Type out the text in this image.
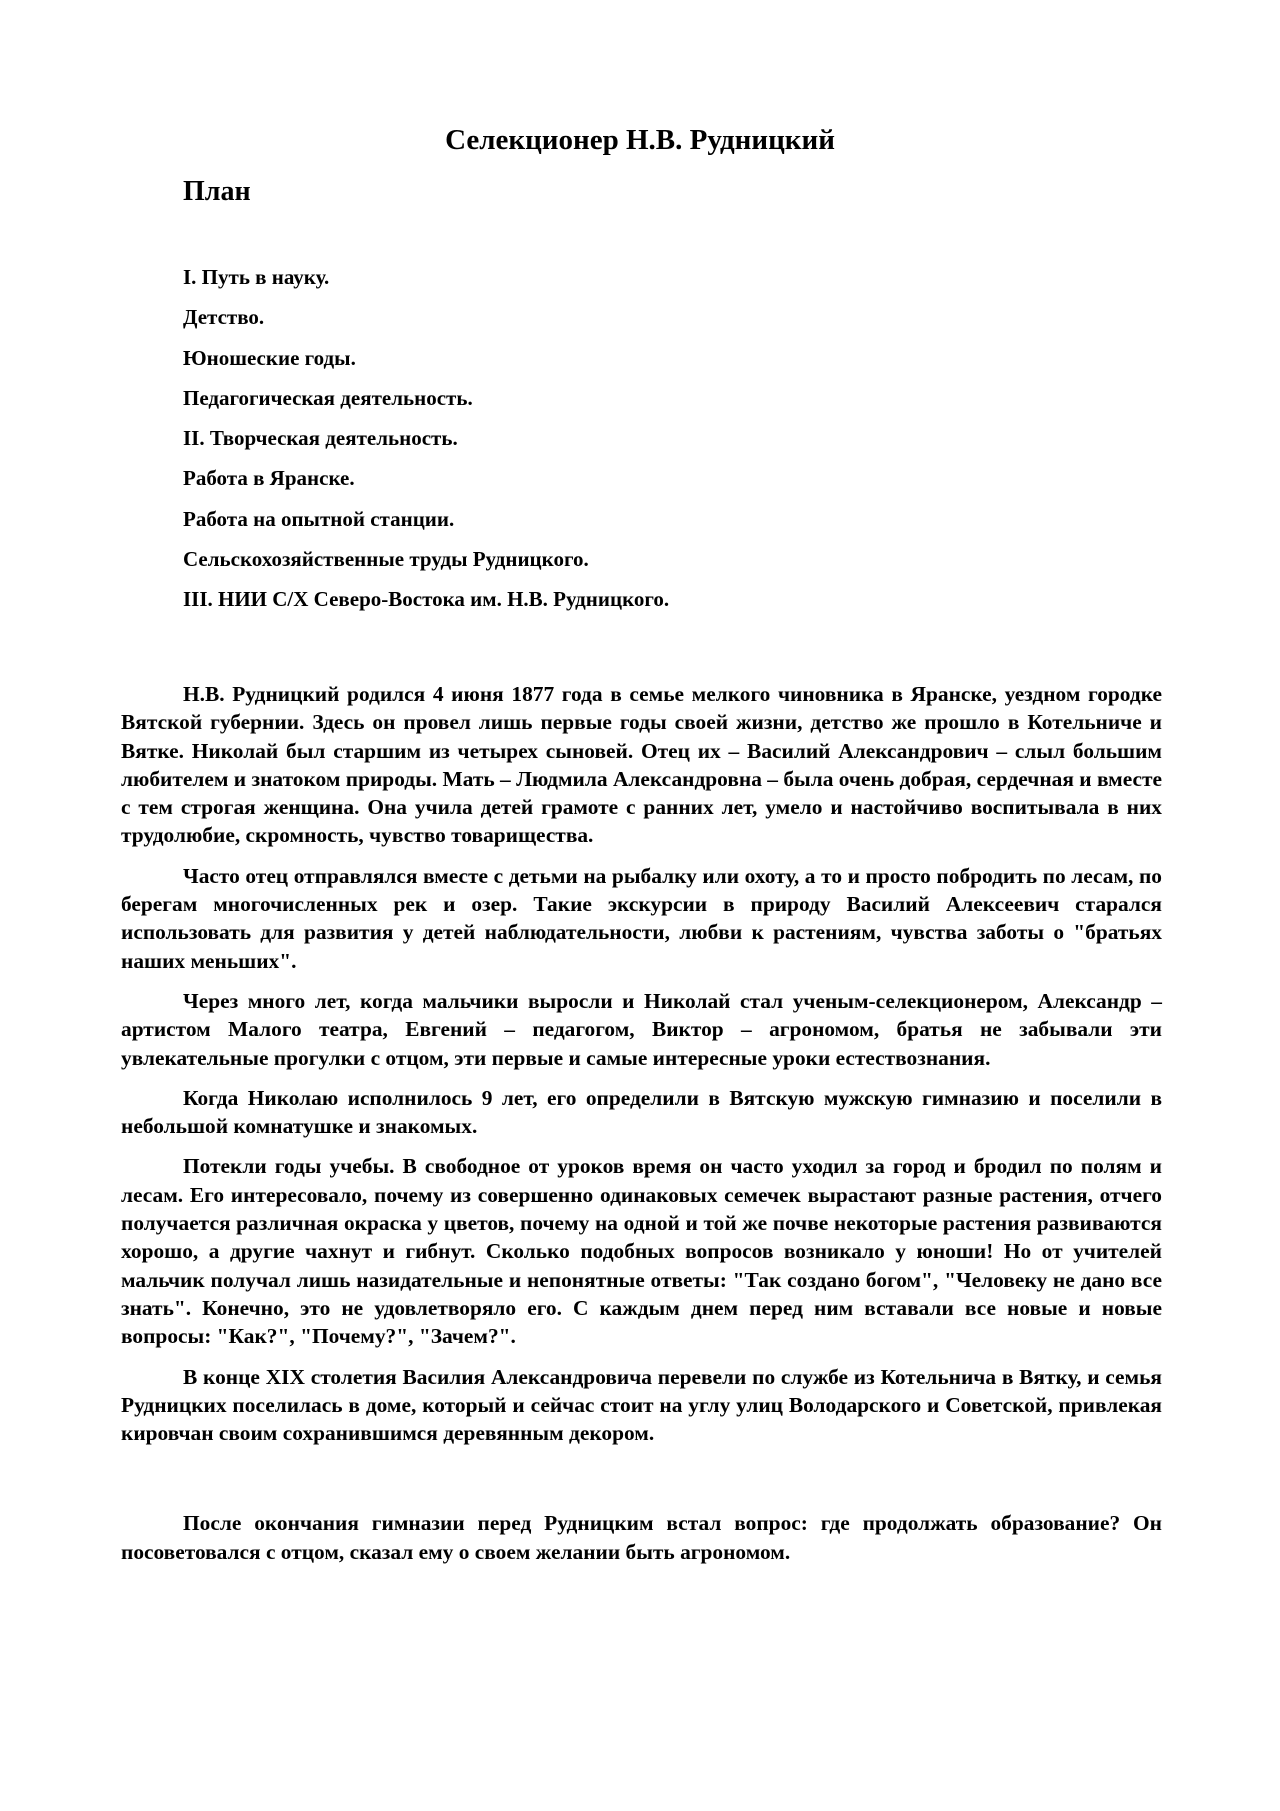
Селекционер Н.В. Рудницкий
План
I. Путь в науку.
Детство.
Юношеские годы.
Педагогическая деятельность.
II. Творческая деятельность.
Работа в Яранске.
Работа на опытной станции.
Сельскохозяйственные труды Рудницкого.
III. НИИ С/Х Северо-Востока им. Н.В. Рудницкого.

Н.В. Рудницкий родился 4 июня 1877 года в семье мелкого чиновника в Яранске, уездном городке Вятской губернии. Здесь он провел лишь первые годы своей жизни, детство же прошло в Котельниче и Вятке. Николай был старшим из четырех сыновей. Отец их – Василий Александрович – слыл большим любителем и знатоком природы. Мать – Людмила Александровна – была очень добрая, сердечная и вместе с тем строгая женщина. Она учила детей грамоте с ранних лет, умело и настойчиво воспитывала в них трудолюбие, скромность, чувство товарищества.

Часто отец отправлялся вместе с детьми на рыбалку или охоту, а то и просто побродить по лесам, по берегам многочисленных рек и озер. Такие экскурсии в природу Василий Алексеевич старался использовать для развития у детей наблюдательности, любви к растениям, чувства заботы о "братьях наших меньших".

Через много лет, когда мальчики выросли и Николай стал ученым-селекционером, Александр – артистом Малого театра, Евгений – педагогом, Виктор – агрономом, братья не забывали эти увлекательные прогулки с отцом, эти первые и самые интересные уроки естествознания.

Когда Николаю исполнилось 9 лет, его определили в Вятскую мужскую гимназию и поселили в небольшой комнатушке и знакомых.

Потекли годы учебы. В свободное от уроков время он часто уходил за город и бродил по полям и лесам. Его интересовало, почему из совершенно одинаковых семечек вырастают разные растения, отчего получается различная окраска у цветов, почему на одной и той же почве некоторые растения развиваются хорошо, а другие чахнут и гибнут. Сколько подобных вопросов возникало у юноши! Но от учителей мальчик получал лишь назидательные и непонятные ответы: "Так создано богом", "Человеку не дано все знать". Конечно, это не удовлетворяло его. С каждым днем перед ним вставали все новые и новые вопросы: "Как?", "Почему?", "Зачем?".

В конце XIX столетия Василия Александровича перевели по службе из Котельнича в Вятку, и семья Рудницких поселилась в доме, который и сейчас стоит на углу улиц Володарского и Советской, привлекая кировчан своим сохранившимся деревянным декором.

После окончания гимназии перед Рудницким встал вопрос: где продолжать образование? Он посоветовался с отцом, сказал ему о своем желании быть агрономом.
